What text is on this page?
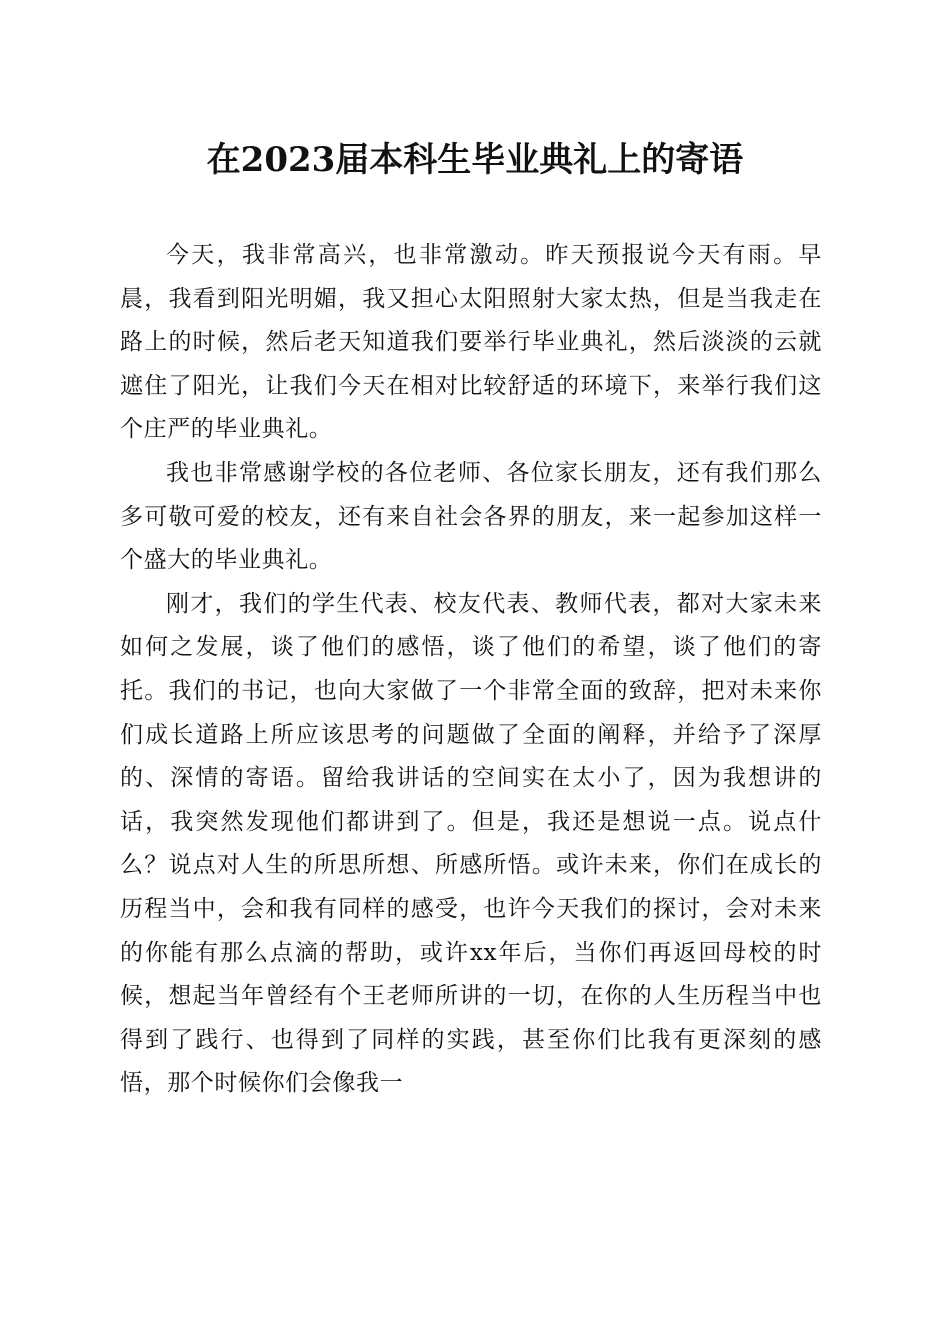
在2023届本科生毕业典礼上的寄语

今天，我非常高兴，也非常激动。昨天预报说今天有雨。早晨，我看到阳光明媚，我又担心太阳照射大家太热，但是当我走在路上的时候，然后老天知道我们要举行毕业典礼，然后淡淡的云就遮住了阳光，让我们今天在相对比较舒适的环境下，来举行我们这个庄严的毕业典礼。

我也非常感谢学校的各位老师、各位家长朋友，还有我们那么多可敬可爱的校友，还有来自社会各界的朋友，来一起参加这样一个盛大的毕业典礼。

刚才，我们的学生代表、校友代表、教师代表，都对大家未来如何之发展，谈了他们的感悟，谈了他们的希望，谈了他们的寄托。我们的书记，也向大家做了一个非常全面的致辞，把对未来你们成长道路上所应该思考的问题做了全面的阐释，并给予了深厚的、深情的寄语。留给我讲话的空间实在太小了，因为我想讲的话，我突然发现他们都讲到了。但是，我还是想说一点。说点什么？说点对人生的所思所想、所感所悟。或许未来，你们在成长的历程当中，会和我有同样的感受，也许今天我们的探讨，会对未来的你能有那么点滴的帮助，或许xx年后，当你们再返回母校的时候，想起当年曾经有个王老师所讲的一切，在你的人生历程当中也得到了践行、也得到了同样的实践，甚至你们比我有更深刻的感悟，那个时候你们会像我一
